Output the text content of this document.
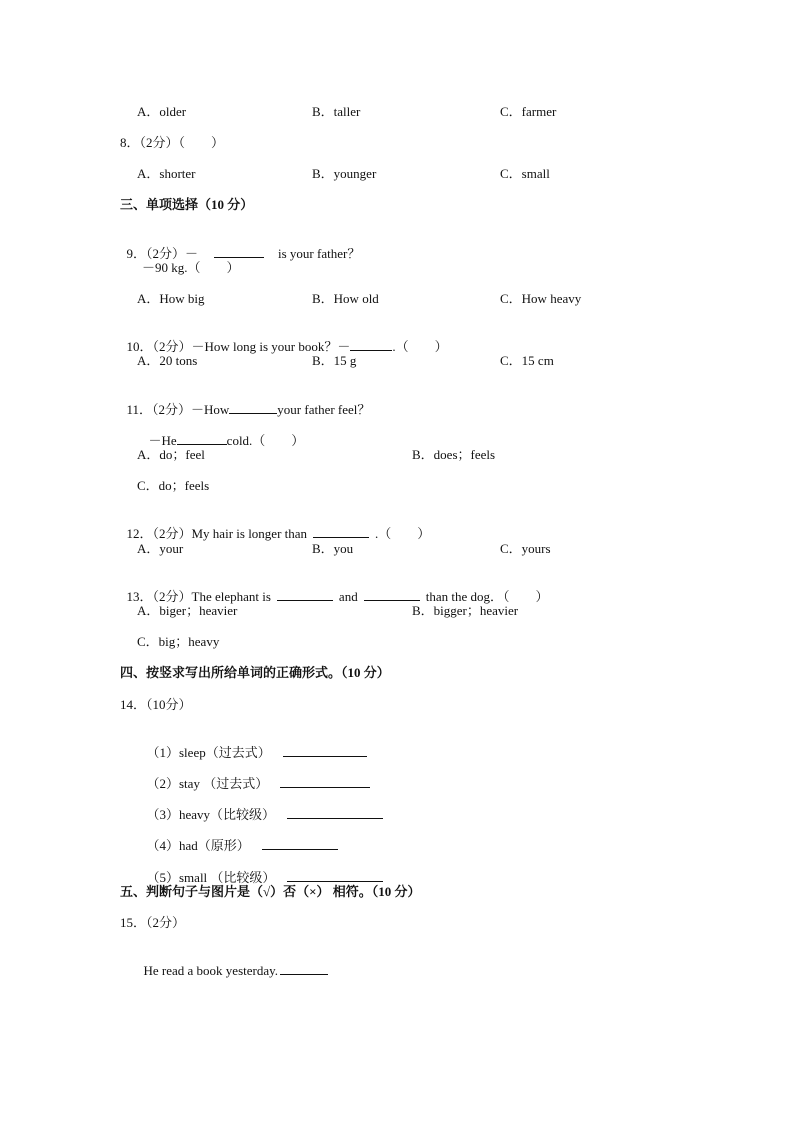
A．older	B．taller	C．farmer
8．（2分）（　　）
A．shorter	B．younger	C．small
三、单项选择（10 分）

9．（2分）－	is your father？

－90 kg.（　　）
A．How big	B．How old	C．How heavy

10．（2分）－How long is your book？－	.（　　）

A．20 tons	B．15 g	C．15 cm

11．（2分）－How	your father feel？

－He	cold.（　　）

A．do；feel	B．does；feels
C．do；feels

12．（2分）My hair is longer than	.（　　）

A．your	B．you	C．yours

13．（2分）The elephant is	and	than the dog．（　　）

A．biger；heavier	B．bigger；heavier
C．big；heavy
四、按竖求写出所给单词的正确形式。（10 分）
14．（10分）

（1）sleep（过去式）

（2）stay （过去式）

（3）heavy（比较级）

（4）had（原形）

（5）small （比较级）

五、判断句子与图片是（√）否（×） 相符。（10 分）
15．（2分）

He read a book yesterday.
